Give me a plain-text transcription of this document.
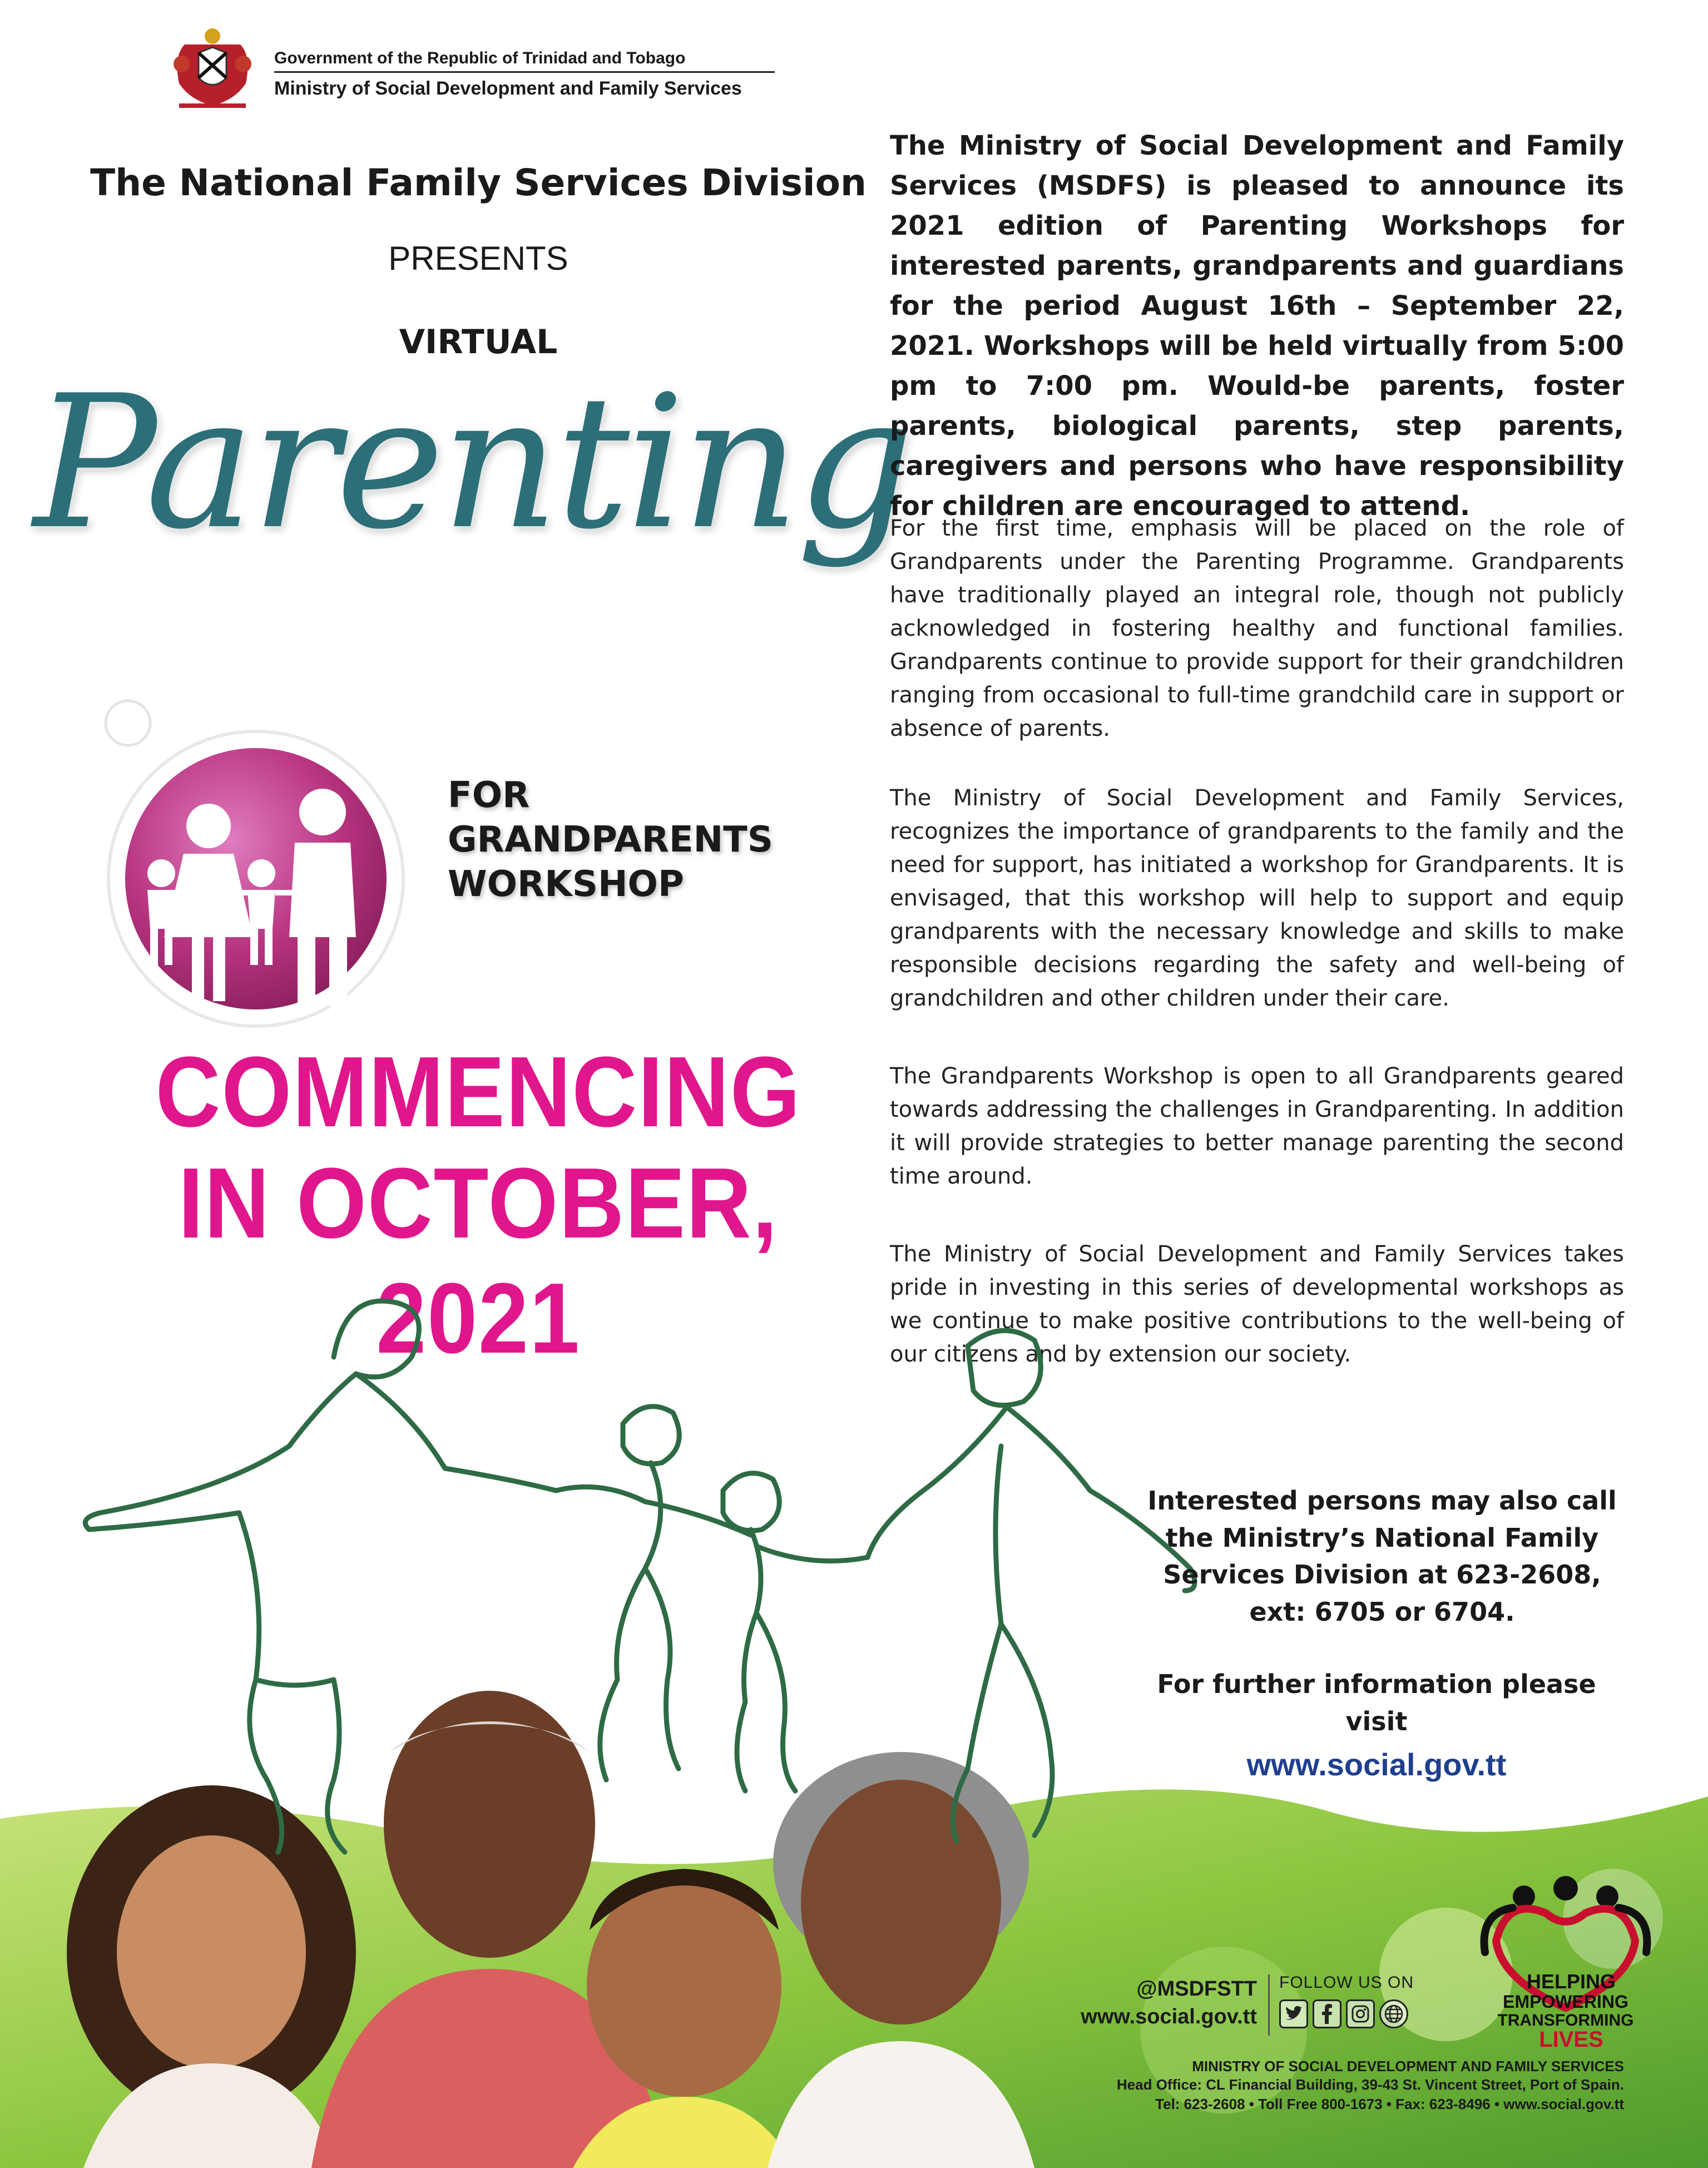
Government of the Republic of Trinidad and Tobago
Ministry of Social Development and Family Services
The National Family Services Division
PRESENTS
VIRTUAL
Parenting
FOR
GRANDPARENTS
WORKSHOP
COMMENCING
IN OCTOBER, 2021
The Ministry of Social Development and Family Services (MSDFS) is pleased to announce its 2021 edition of Parenting Workshops for interested parents, grandparents and guardians for the period August 16th – September 22, 2021. Workshops will be held virtually from 5:00 pm to 7:00 pm. Would-be parents, foster parents, biological parents, step parents, caregivers and persons who have responsibility for children are encouraged to attend.
For the first time, emphasis will be placed on the role of Grandparents under the Parenting Programme. Grandparents have traditionally played an integral role, though not publicly acknowledged in fostering healthy and functional families. Grandparents continue to provide support for their grandchildren ranging from occasional to full-time grandchild care in support or absence of parents.
The Ministry of Social Development and Family Services, recognizes the importance of grandparents to the family and the need for support, has initiated a workshop for Grandparents. It is envisaged, that this workshop will help to support and equip grandparents with the necessary knowledge and skills to make responsible decisions regarding the safety and well-being of grandchildren and other children under their care.
The Grandparents Workshop is open to all Grandparents geared towards addressing the challenges in Grandparenting. In addition it will provide strategies to better manage parenting the second time around.
The Ministry of Social Development and Family Services takes pride in investing in this series of developmental workshops as we continue to make positive contributions to the well-being of our citizens and by extension our society.
Interested persons may also call the Ministry’s National Family Services Division at 623-2608, ext: 6705 or 6704.
For further information please visit
www.social.gov.tt
@MSDFSTT
www.social.gov.tt
FOLLOW US ON	HELPING
EMPOWERING
TRANSFORMING
LIVES
MINISTRY OF SOCIAL DEVELOPMENT AND FAMILY SERVICES
Head Office: CL Financial Building, 39-43 St. Vincent Street, Port of Spain.
Tel: 623-2608 • Toll Free 800-1673 • Fax: 623-8496 • www.social.gov.tt
